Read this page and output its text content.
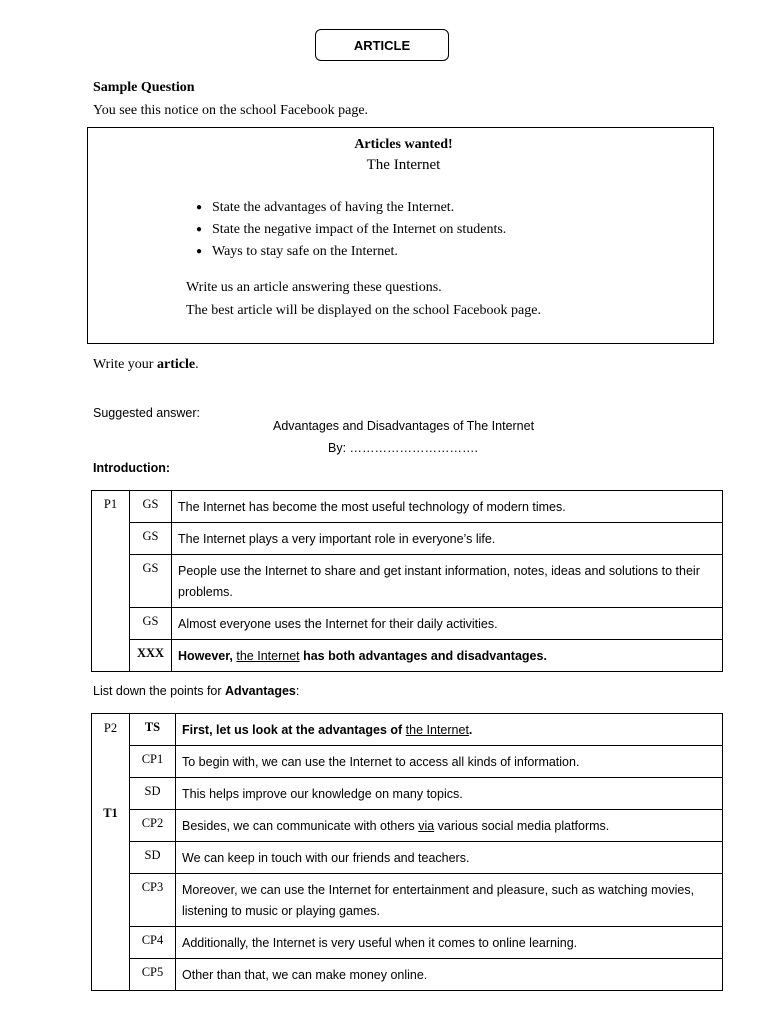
ARTICLE
Sample Question
You see this notice on the school Facebook page.
Articles wanted!
The Internet
● State the advantages of having the Internet.
● State the negative impact of the Internet on students.
● Ways to stay safe on the Internet.
Write us an article answering these questions.
The best article will be displayed on the school Facebook page.
Write your article.
Suggested answer:
Advantages and Disadvantages of The Internet
By: ………………………….
Introduction:
P1	GS	The Internet has become the most useful technology of modern times.
	GS	The Internet plays a very important role in everyone’s life.
	GS	People use the Internet to share and get instant information, notes, ideas and solutions to their problems.
	GS	Almost everyone uses the Internet for their daily activities.
	XXX	However, the Internet has both advantages and disadvantages.
List down the points for Advantages:
P2
T1	TS	First, let us look at the advantages of the Internet.
	CP1	To begin with, we can use the Internet to access all kinds of information.
	SD	This helps improve our knowledge on many topics.
	CP2	Besides, we can communicate with others via various social media platforms.
	SD	We can keep in touch with our friends and teachers.
	CP3	Moreover, we can use the Internet for entertainment and pleasure, such as watching movies, listening to music or playing games.
	CP4	Additionally, the Internet is very useful when it comes to online learning.
	CP5	Other than that, we can make money online.
